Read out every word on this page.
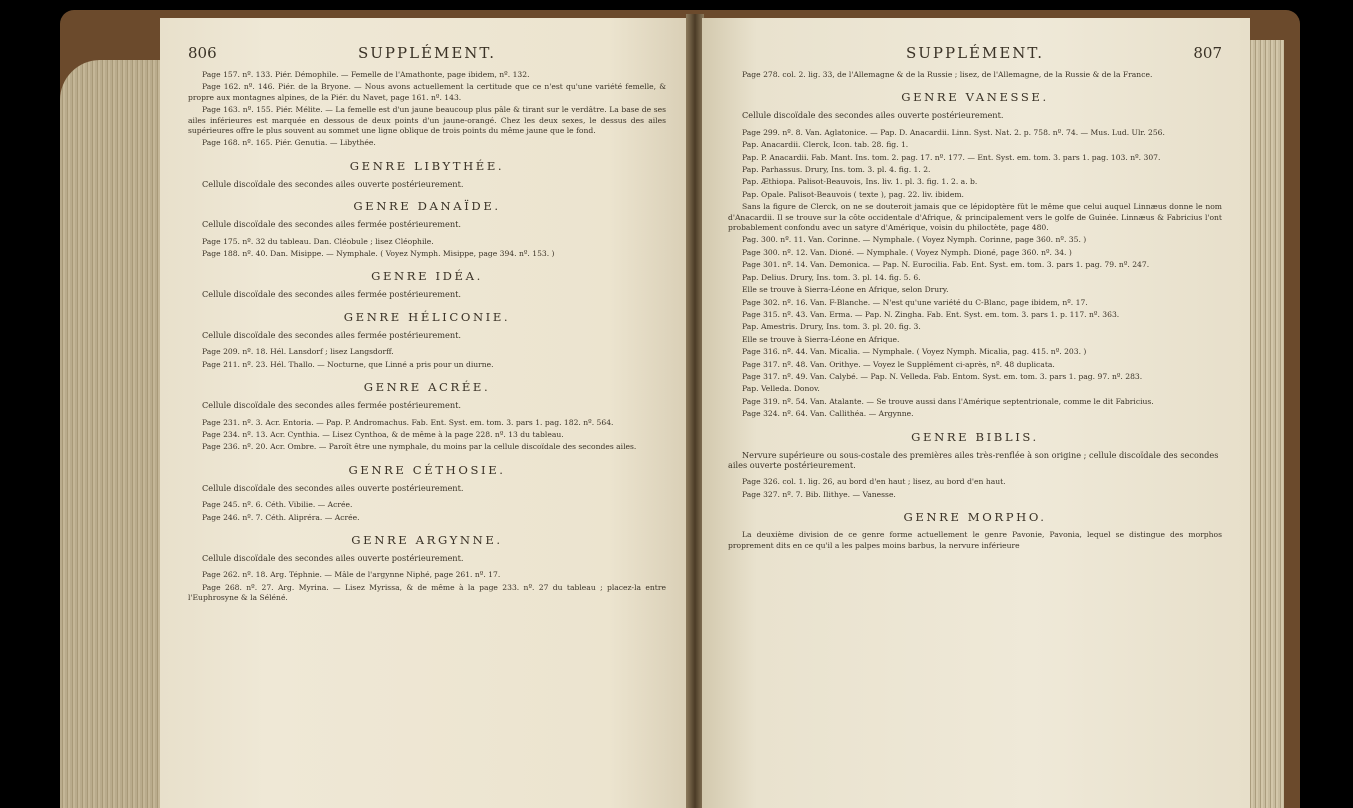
806	SUPPLÉMENT.

Page 157. nº. 133. Piér. Démophile. — Femelle de l'Amathonte, page ibidem, nº. 132.

Page 162. nº. 146. Piér. de la Bryone. — Nous avons actuellement la certitude que ce n'est qu'une variété femelle, & propre aux montagnes alpines, de la Piér. du Navet, page 161. nº. 143.

Page 163. nº. 155. Piér. Mélite. — La femelle est d'un jaune beaucoup plus pâle & tirant sur le verdâtre. La base de ses ailes inférieures est marquée en dessous de deux points d'un jaune-orangé. Chez les deux sexes, le dessus des ailes supérieures offre le plus souvent au sommet une ligne oblique de trois points du même jaune que le fond.

Page 168. nº. 165. Piér. Genutia. — Libythée.

GENRE LIBYTHÉE.

Cellule discoïdale des secondes ailes ouverte postérieurement.

GENRE DANAÏDE.

Cellule discoïdale des secondes ailes fermée postérieurement.

Page 175. nº. 32 du tableau. Dan. Cléobule ; lisez Cléophile.

Page 188. nº. 40. Dan. Misippe. — Nymphale. ( Voyez Nymph. Misippe, page 394. nº. 153. )

GENRE IDÉA.

Cellule discoïdale des secondes ailes fermée postérieurement.

GENRE HÉLICONIE.

Cellule discoïdale des secondes ailes fermée postérieurement.

Page 209. nº. 18. Hél. Lansdorf ; lisez Langsdorff.

Page 211. nº. 23. Hél. Thallo. — Nocturne, que Linné a pris pour un diurne.

GENRE ACRÉE.

Cellule discoïdale des secondes ailes fermée postérieurement.

Page 231. nº. 3. Acr. Entoria. — Pap. P. Andromachus. Fab. Ent. Syst. em. tom. 3. pars 1. pag. 182. nº. 564.

Page 234. nº. 13. Acr. Cynthia. — Lisez Cynthoa, & de même à la page 228. nº. 13 du tableau.

Page 236. nº. 20. Acr. Ombre. — Paroît être une nymphale, du moins par la cellule discoïdale des secondes ailes.

GENRE CÉTHOSIE.

Cellule discoïdale des secondes ailes ouverte postérieurement.

Page 245. nº. 6. Céth. Vibilie. — Acrée.

Page 246. nº. 7. Céth. Alipréra. — Acrée.

GENRE ARGYNNE.

Cellule discoïdale des secondes ailes ouverte postérieurement.

Page 262. nº. 18. Arg. Téphnie. — Mâle de l'argynne Niphé, page 261. nº. 17.

Page 268. nº. 27. Arg. Myrina. — Lisez Myrissa, & de même à la page 233. nº. 27 du tableau ; placez-la entre l'Euphrosyne & la Séléné.

SUPPLÉMENT.	807

Page 278. col. 2. lig. 33, de l'Allemagne & de la Russie ; lisez, de l'Allemagne, de la Russie & de la France.

GENRE VANESSE.

Cellule discoïdale des secondes ailes ouverte postérieurement.

Page 299. nº. 8. Van. Aglatonice. — Pap. D. Anacardii. Linn. Syst. Nat. 2. p. 758. nº. 74. — Mus. Lud. Ulr. 256.

Pap. Anacardii. Clerck, Icon. tab. 28. fig. 1.

Pap. P. Anacardii. Fab. Mant. Ins. tom. 2. pag. 17. nº. 177. — Ent. Syst. em. tom. 3. pars 1. pag. 103. nº. 307.

Pap. Parhassus. Drury, Ins. tom. 3. pl. 4. fig. 1. 2.

Pap. Æthiopa. Palisot-Beauvois, Ins. liv. 1. pl. 3. fig. 1. 2. a. b.

Pap. Opale. Palisot-Beauvois ( texte ), pag. 22. liv. ibidem.

Sans la figure de Clerck, on ne se douteroit jamais que ce lépidoptère fût le même que celui auquel Linnæus donne le nom d'Anacardii. Il se trouve sur la côte occidentale d'Afrique, & principalement vers le golfe de Guinée. Linnæus & Fabricius l'ont probablement confondu avec un satyre d'Amérique, voisin du philoctète, page 480.

Pag. 300. nº. 11. Van. Corinne. — Nymphale. ( Voyez Nymph. Corinne, page 360. nº. 35. )

Page 300. nº. 12. Van. Dioné. — Nymphale. ( Voyez Nymph. Dioné, page 360. nº. 34. )

Page 301. nº. 14. Van. Demonica. — Pap. N. Eurocilia. Fab. Ent. Syst. em. tom. 3. pars 1. pag. 79. nº. 247.

Pap. Delius. Drury, Ins. tom. 3. pl. 14. fig. 5. 6.

Elle se trouve à Sierra-Léone en Afrique, selon Drury.

Page 302. nº. 16. Van. F-Blanche. — N'est qu'une variété du C-Blanc, page ibidem, nº. 17.

Page 315. nº. 43. Van. Erma. — Pap. N. Zingha. Fab. Ent. Syst. em. tom. 3. pars 1. p. 117. nº. 363.

Pap. Amestris. Drury, Ins. tom. 3. pl. 20. fig. 3.

Elle se trouve à Sierra-Léone en Afrique.

Page 316. nº. 44. Van. Micalia. — Nymphale. ( Voyez Nymph. Micalia, pag. 415. nº. 203. )

Page 317. nº. 48. Van. Orithye. — Voyez le Supplément ci-après, nº. 48 duplicata.

Page 317. nº. 49. Van. Calybé. — Pap. N. Velleda. Fab. Entom. Syst. em. tom. 3. pars 1. pag. 97. nº. 283.

Pap. Velleda. Donov.

Page 319. nº. 54. Van. Atalante. — Se trouve aussi dans l'Amérique septentrionale, comme le dit Fabricius.

Page 324. nº. 64. Van. Callithéa. — Argynne.

GENRE BIBLIS.

Nervure supérieure ou sous-costale des premières ailes très-renflée à son origine ; cellule discoïdale des secondes ailes ouverte postérieurement.

Page 326. col. 1. lig. 26, au bord d'en haut ; lisez, au bord d'en haut.

Page 327. nº. 7. Bib. Ilithye. — Vanesse.

GENRE MORPHO.

La deuxième division de ce genre forme actuellement le genre Pavonie, Pavonia, lequel se distingue des morphos proprement dits en ce qu'il a les palpes moins barbus, la nervure inférieure
